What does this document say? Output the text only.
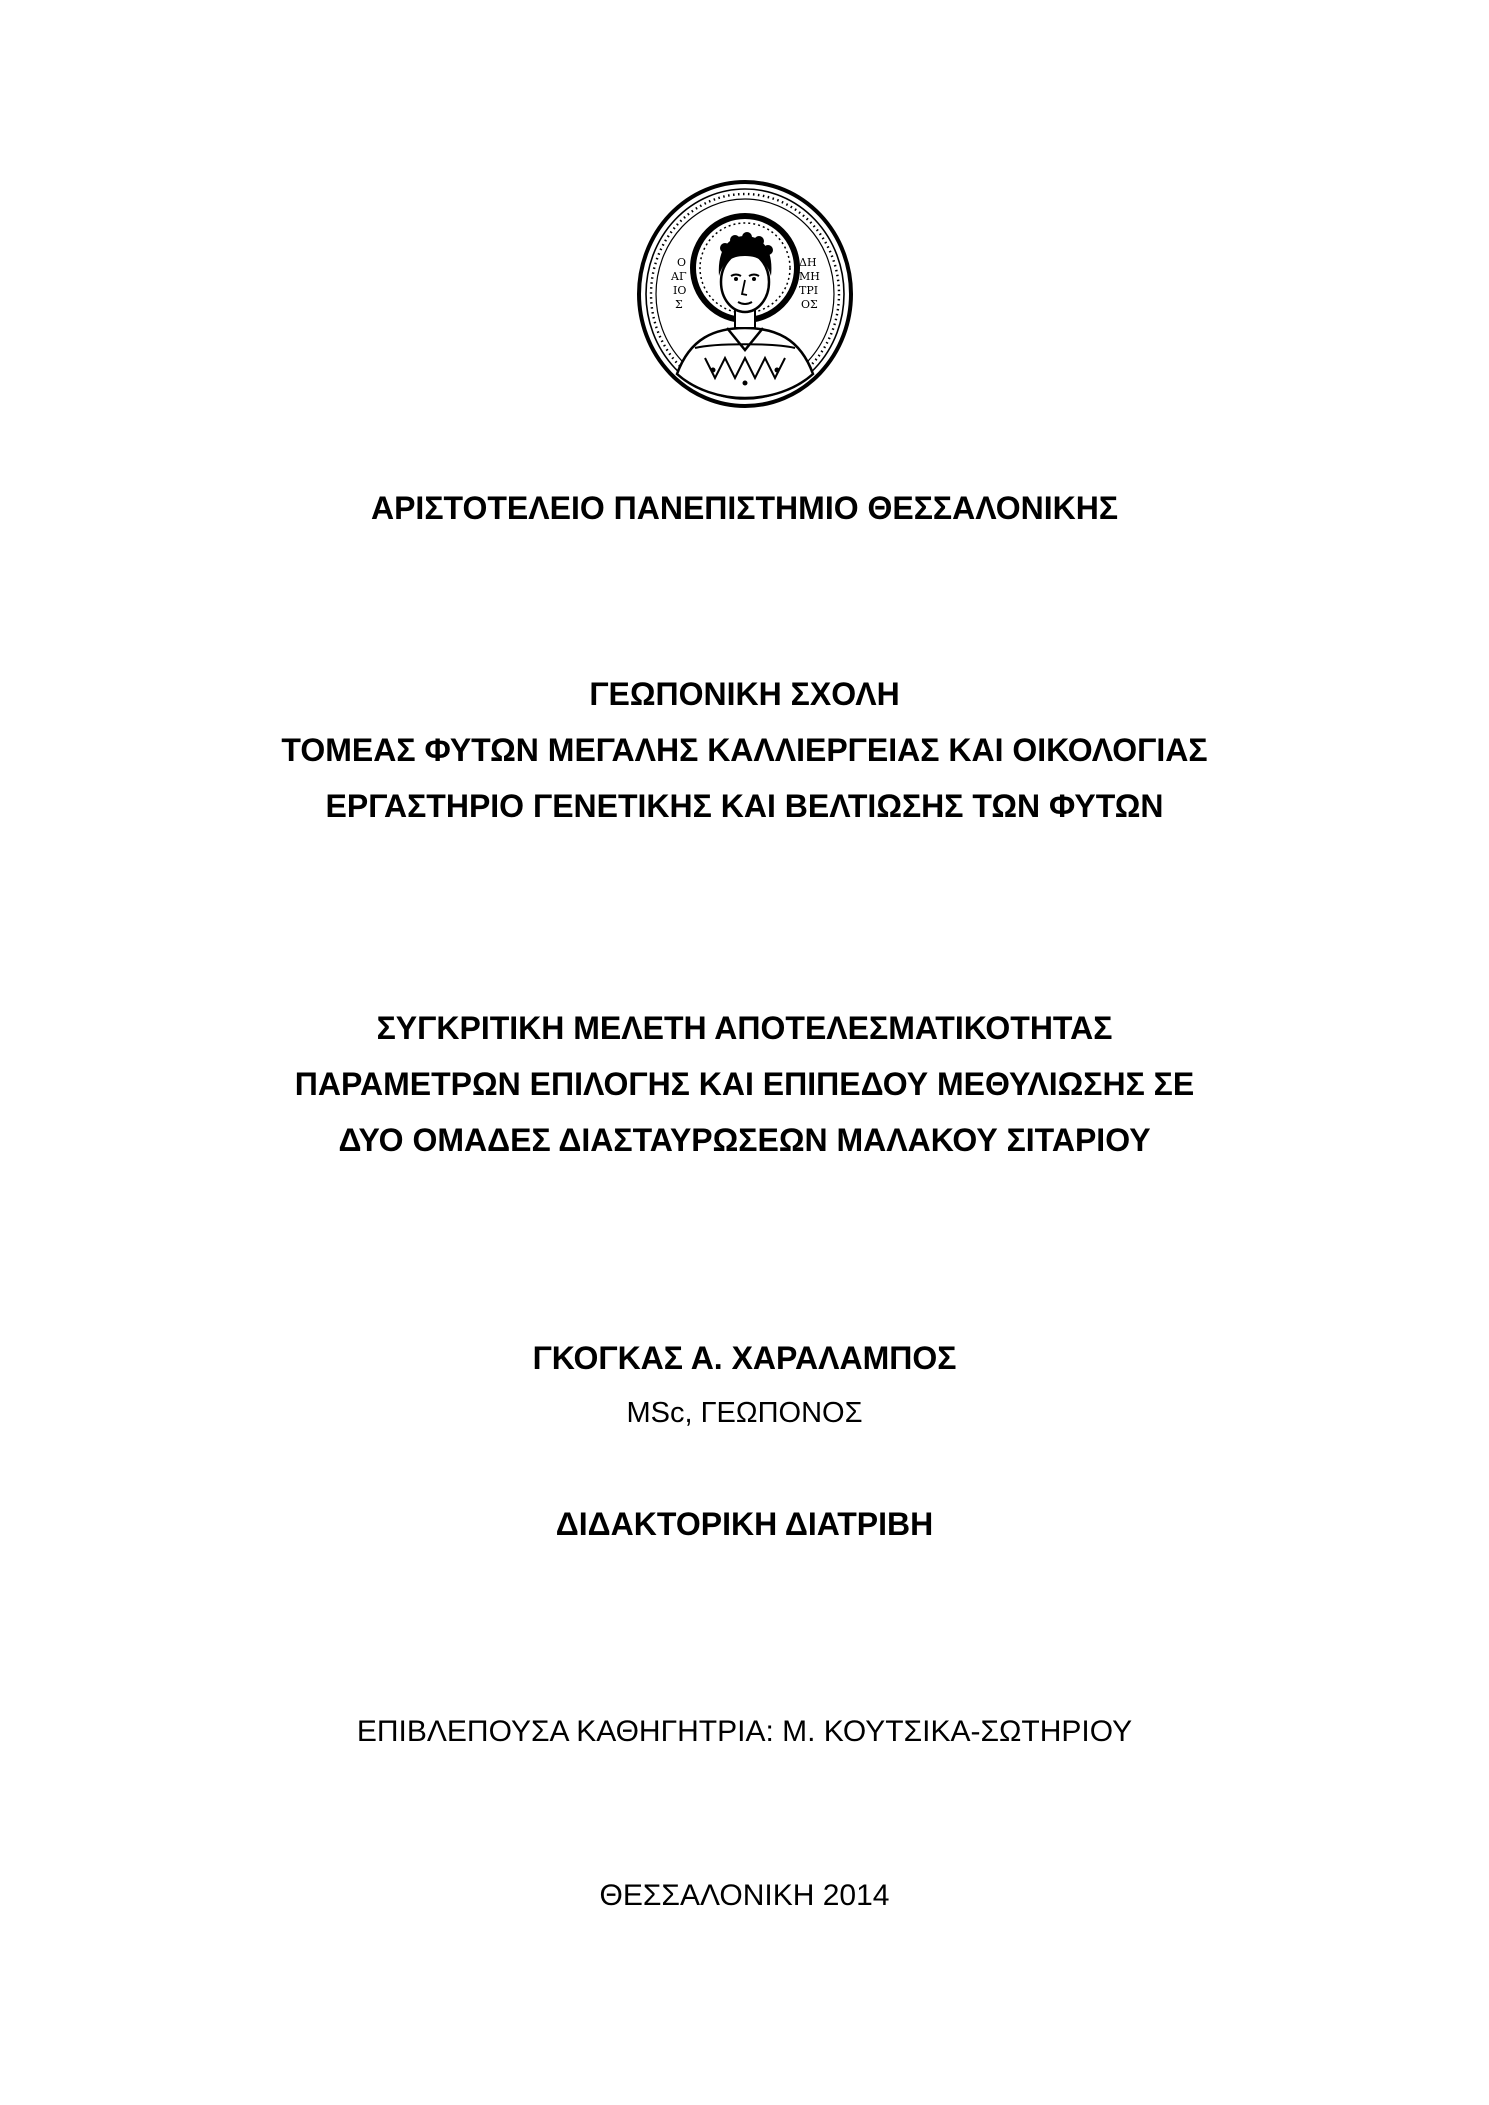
Ο
ΑΓ
ΙΟ
Σ
ΔΗ
ΜΗ
ΤΡΙ
ΟΣ
ΑΡΙΣΤΟΤΕΛΕΙΟ ΠΑΝΕΠΙΣΤΗΜΙΟ ΘΕΣΣΑΛΟΝΙΚΗΣ
ΓΕΩΠΟΝΙΚΗ ΣΧΟΛΗ
ΤΟΜΕΑΣ ΦΥΤΩΝ ΜΕΓΑΛΗΣ ΚΑΛΛΙΕΡΓΕΙΑΣ ΚΑΙ ΟΙΚΟΛΟΓΙΑΣ
ΕΡΓΑΣΤΗΡΙΟ ΓΕΝΕΤΙΚΗΣ ΚΑΙ ΒΕΛΤΙΩΣΗΣ ΤΩΝ ΦΥΤΩΝ
ΣΥΓΚΡΙΤΙΚΗ ΜΕΛΕΤΗ ΑΠΟΤΕΛΕΣΜΑΤΙΚΟΤΗΤΑΣ
ΠΑΡΑΜΕΤΡΩΝ ΕΠΙΛΟΓΗΣ ΚΑΙ ΕΠΙΠΕΔΟΥ ΜΕΘΥΛΙΩΣΗΣ ΣΕ
ΔΥΟ ΟΜΑΔΕΣ ΔΙΑΣΤΑΥΡΩΣΕΩΝ ΜΑΛΑΚΟΥ ΣΙΤΑΡΙΟΥ
ΓΚΟΓΚΑΣ Α. ΧΑΡΑΛΑΜΠΟΣ
MSc, ΓΕΩΠΟΝΟΣ
ΔΙΔΑΚΤΟΡΙΚΗ ΔΙΑΤΡΙΒΗ
ΕΠΙΒΛΕΠΟΥΣΑ ΚΑΘΗΓΗΤΡΙΑ: Μ. ΚΟΥΤΣΙΚΑ-ΣΩΤΗΡΙΟΥ
ΘΕΣΣΑΛΟΝΙΚΗ 2014
